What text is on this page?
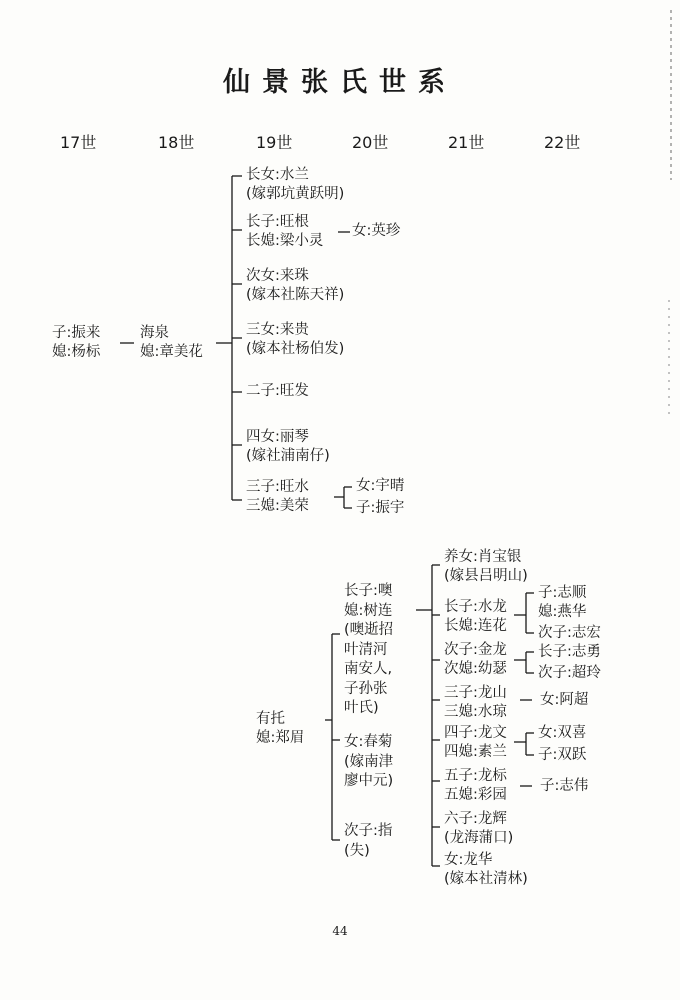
仙景张氏世系
17世	18世	19世	20世	21世	22世
子:振来
媳:杨标
海泉
媳:章美花
长女:水兰
(嫁郭坑黄跃明)
长子:旺根
长媳:梁小灵
次女:来珠
(嫁本社陈天祥)
三女:来贵
(嫁本社杨伯发)
二子:旺发
四女:丽琴
(嫁社浦南仔)
三子:旺水
三媳:美荣
女:英珍
女:宇晴
子:振宇
有托
媳:郑眉
长子:噢
媳:树连
(噢逝招
叶清河
南安人,
子孙张
叶氏)
女:春菊
(嫁南津
廖中元)
次子:指
(失)
养女:肖宝银
(嫁县吕明山)
长子:水龙
长媳:连花
次子:金龙
次媳:幼瑟
三子:龙山
三媳:水琼
四子:龙文
四媳:素兰
五子:龙标
五媳:彩园
六子:龙辉
(龙海蒲口)
女:龙华
(嫁本社清林)
子:志顺
媳:燕华
次子:志宏
长子:志勇
次子:超玲
女:阿超
女:双喜
子:双跃
子:志伟
44
